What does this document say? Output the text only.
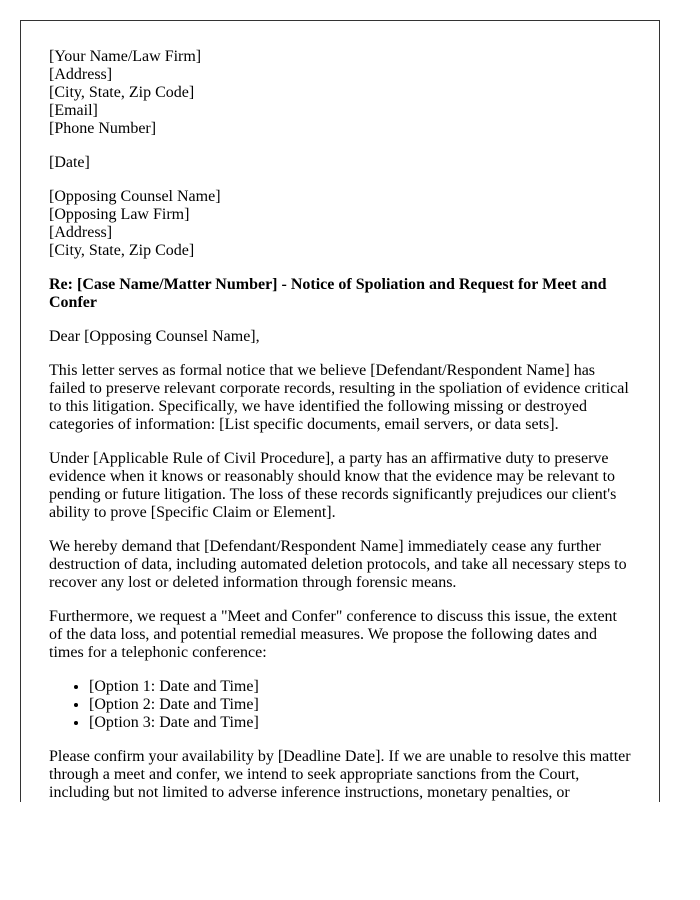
[Your Name/Law Firm]
[Address]
[City, State, Zip Code]
[Email]
[Phone Number]

[Date]

[Opposing Counsel Name]
[Opposing Law Firm]
[Address]
[City, State, Zip Code]

Re: [Case Name/Matter Number] - Notice of Spoliation and Request for Meet and Confer

Dear [Opposing Counsel Name],

This letter serves as formal notice that we believe [Defendant/Respondent Name] has failed to preserve relevant corporate records, resulting in the spoliation of evidence critical to this litigation. Specifically, we have identified the following missing or destroyed categories of information: [List specific documents, email servers, or data sets].

Under [Applicable Rule of Civil Procedure], a party has an affirmative duty to preserve evidence when it knows or reasonably should know that the evidence may be relevant to pending or future litigation. The loss of these records significantly prejudices our client's ability to prove [Specific Claim or Element].

We hereby demand that [Defendant/Respondent Name] immediately cease any further destruction of data, including automated deletion protocols, and take all necessary steps to recover any lost or deleted information through forensic means.

Furthermore, we request a "Meet and Confer" conference to discuss this issue, the extent of the data loss, and potential remedial measures. We propose the following dates and times for a telephonic conference:

• [Option 1: Date and Time]
• [Option 2: Date and Time]
• [Option 3: Date and Time]

Please confirm your availability by [Deadline Date]. If we are unable to resolve this matter through a meet and confer, we intend to seek appropriate sanctions from the Court, including but not limited to adverse inference instructions, monetary penalties, or
